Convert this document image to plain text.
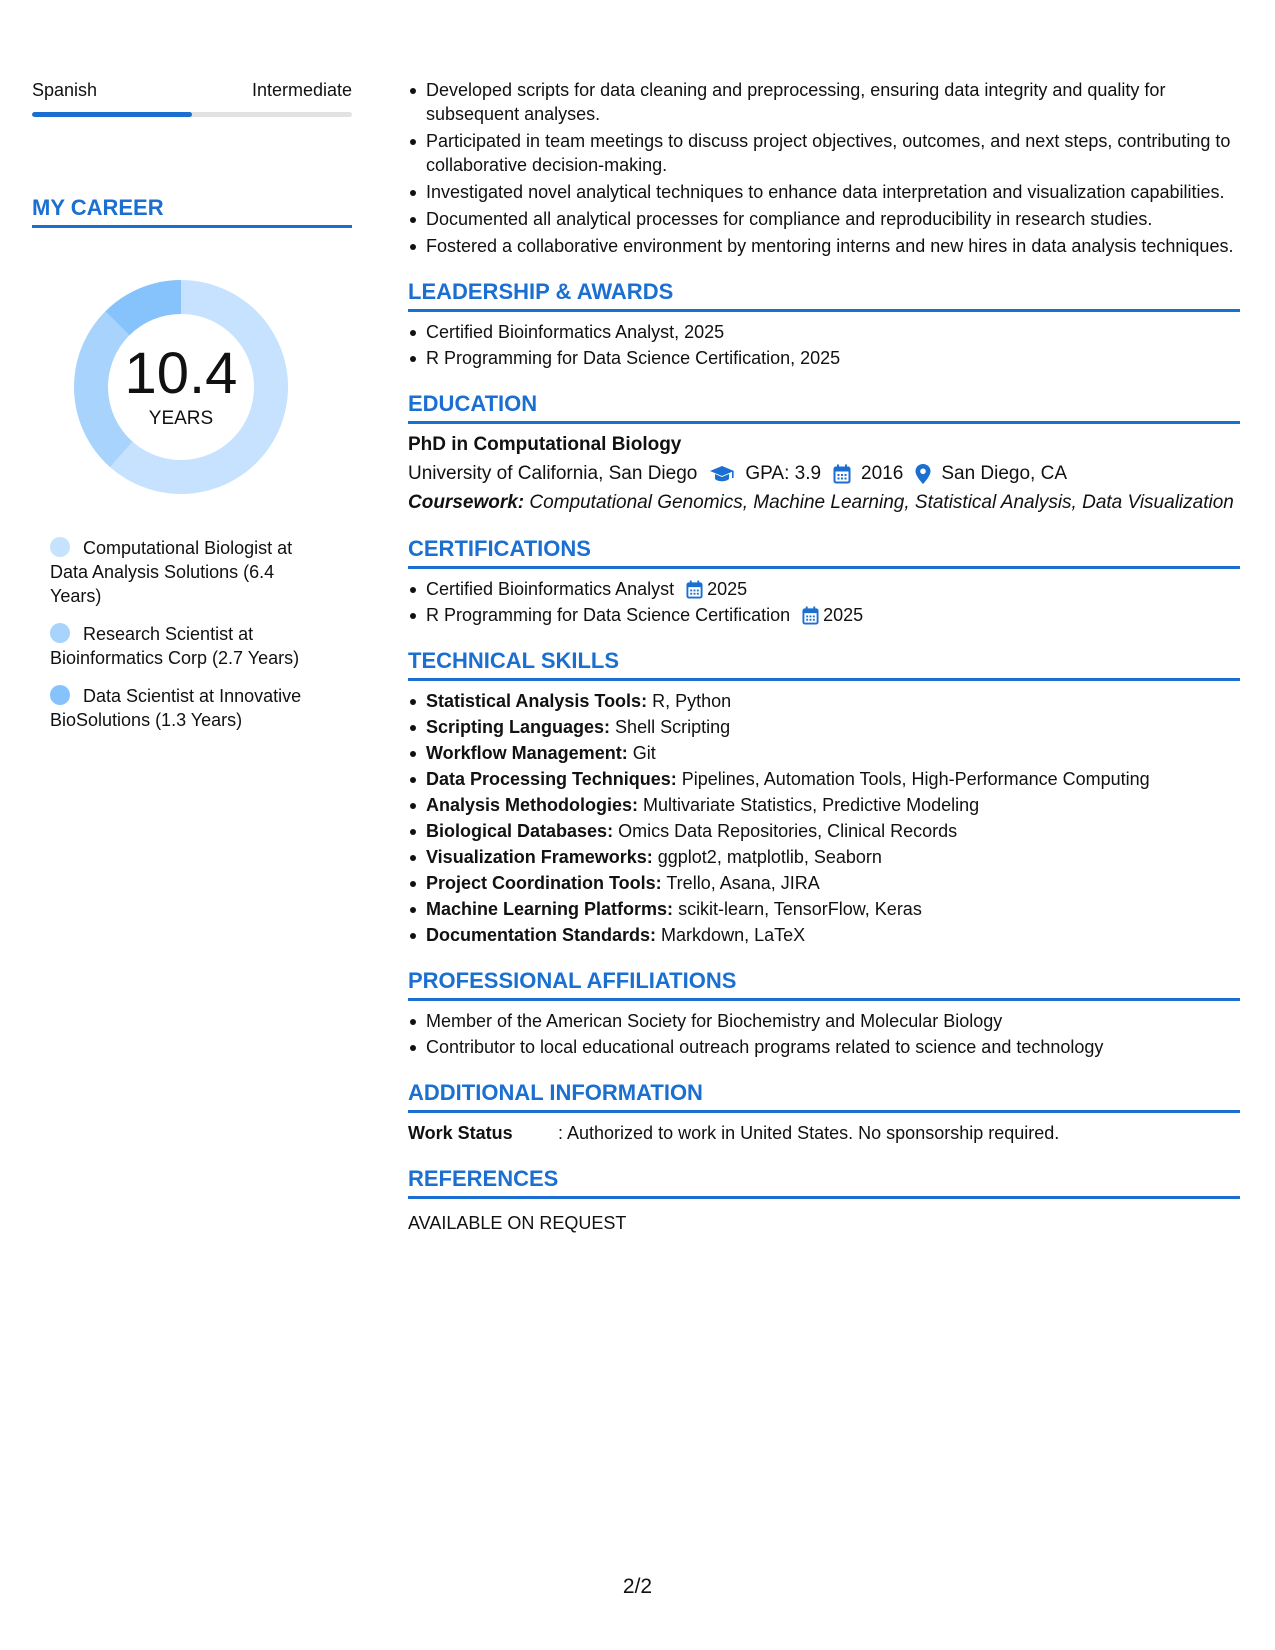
Spanish	Intermediate
MY CAREER
10.4
YEARS
Computational Biologist at Data Analysis Solutions (6.4 Years)
Research Scientist at Bioinformatics Corp (2.7 Years)
Data Scientist at Innovative BioSolutions (1.3 Years)
Developed scripts for data cleaning and preprocessing, ensuring data integrity and quality for subsequent analyses.
Participated in team meetings to discuss project objectives, outcomes, and next steps, contributing to collaborative decision-making.
Investigated novel analytical techniques to enhance data interpretation and visualization capabilities.
Documented all analytical processes for compliance and reproducibility in research studies.
Fostered a collaborative environment by mentoring interns and new hires in data analysis techniques.
LEADERSHIP & AWARDS
Certified Bioinformatics Analyst, 2025
R Programming for Data Science Certification, 2025
EDUCATION
PhD in Computational Biology
University of California, San Diego	GPA: 3.9 2016 San Diego, CA
Coursework: Computational Genomics, Machine Learning, Statistical Analysis, Data Visualization
CERTIFICATIONS
Certified Bioinformatics Analyst 2025
R Programming for Data Science Certification 2025
TECHNICAL SKILLS
Statistical Analysis Tools: R, Python
Scripting Languages: Shell Scripting
Workflow Management: Git
Data Processing Techniques: Pipelines, Automation Tools, High-Performance Computing
Analysis Methodologies: Multivariate Statistics, Predictive Modeling
Biological Databases: Omics Data Repositories, Clinical Records
Visualization Frameworks: ggplot2, matplotlib, Seaborn
Project Coordination Tools: Trello, Asana, JIRA
Machine Learning Platforms: scikit-learn, TensorFlow, Keras
Documentation Standards: Markdown, LaTeX
PROFESSIONAL AFFILIATIONS
Member of the American Society for Biochemistry and Molecular Biology
Contributor to local educational outreach programs related to science and technology
ADDITIONAL INFORMATION
Work Status	: Authorized to work in United States. No sponsorship required.
REFERENCES
AVAILABLE ON REQUEST
2/2
